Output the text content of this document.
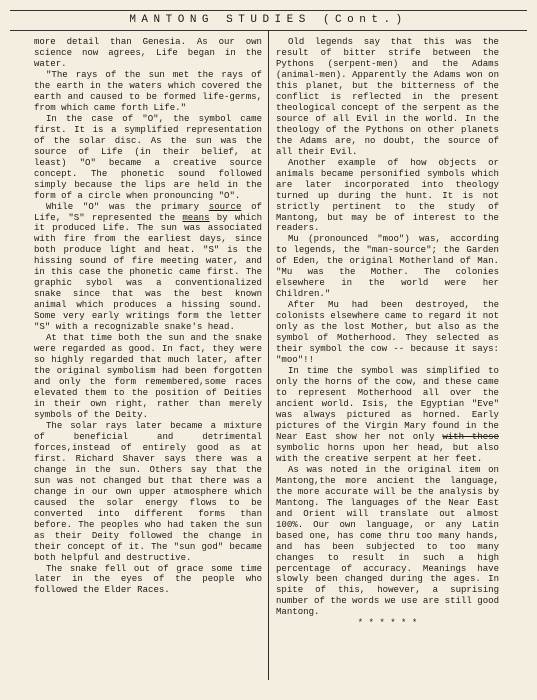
MANTONG STUDIES (Cont.)

more detail than Genesia. As our own science now agrees, Life began in the water.

"The rays of the sun met the rays of the earth in the waters which covered the earth and caused to be formed life-germs, from which came forth Life."

In the case of "O", the symbol came first. It is a symplified representation of the solar disc. As the sun was the source of Life (in their belief, at least) "O" became a creative source concept. The phonetic sound followed simply because the lips are held in the form of a circle when pronouncing "O".

While "O" was the primary source of Life, "S" represented the means by which it produced Life. The sun was associated with fire from the earliest days, since both produce light and heat. "S" is the hissing sound of fire meeting water, and in this case the phonetic came first. The graphic sybol was a conventionalized snake since that was the best known animal which produces a hissing sound. Some very early writings form the letter "S" with a recognizable snake's head.

At that time both the sun and the snake were regarded as good. In fact, they were so highly regarded that much later, after the original symbolism had been forgotten and only the form remembered,some races elevated them to the position of Deities in their own right, rather than merely symbols of the Deity.

The solar rays later became a mixture of beneficial and detrimental forces,instead of entirely good as at first. Richard Shaver says there was a change in the sun. Others say that the sun was not changed but that there was a change in our own upper atmosphere which caused the solar energy flows to be converted into different forms than before. The peoples who had taken the sun as their Deity followed the change in their concept of it. The "sun god" became both helpful and destructive.

The snake fell out of grace some time later in the eyes of the people who followed the Elder Races.

Old legends say that this was the result of bitter strife between the Pythons (serpent-men) and the Adams (animal-men). Apparently the Adams won on this planet, but the bitterness of the conflict is reflected in the present theological concept of the serpent as the source of all Evil in the world. In the theology of the Pythons on other planets the Adams are, no doubt, the source of all their Evil.

Another example of how objects or animals became personified symbols which are later incorporated into theology turned up during the hunt. It is not strictly pertinent to the study of Mantong, but may be of interest to the readers.

Mu (pronounced "moo") was, according to legends, the "man-source"; the Garden of Eden, the original Motherland of Man. "Mu was the Mother. The colonies elsewhere in the world were her Children."

After Mu had been destroyed, the colonists elsewhere came to regard it not only as the lost Mother, but also as the symbol of Motherhood. They selected as their symbol the cow -- because it says: "moo"!!

In time the symbol was simplified to only the horns of the cow, and these came to represent Motherhood all over the ancient world. Isis, the Egyptian "Eve" was always pictured as horned. Early pictures of the Virgin Mary found in the Near East show her not only with these symbolic horns upon her head, but also with the creative serpent at her feet.

As was noted in the original item on Mantong,the more ancient the language, the more accurate will be the analysis by Mantong. The languages of the Near East and Orient will translate out almost 100%. Our own language, or any Latin based one, has come thru too many hands, and has been subjected to too many changes to result in such a high percentage of accuracy. Meanings have slowly been changed during the ages. In spite of this, however, a suprising number of the words we use are still good Mantong.

* * * * * *
